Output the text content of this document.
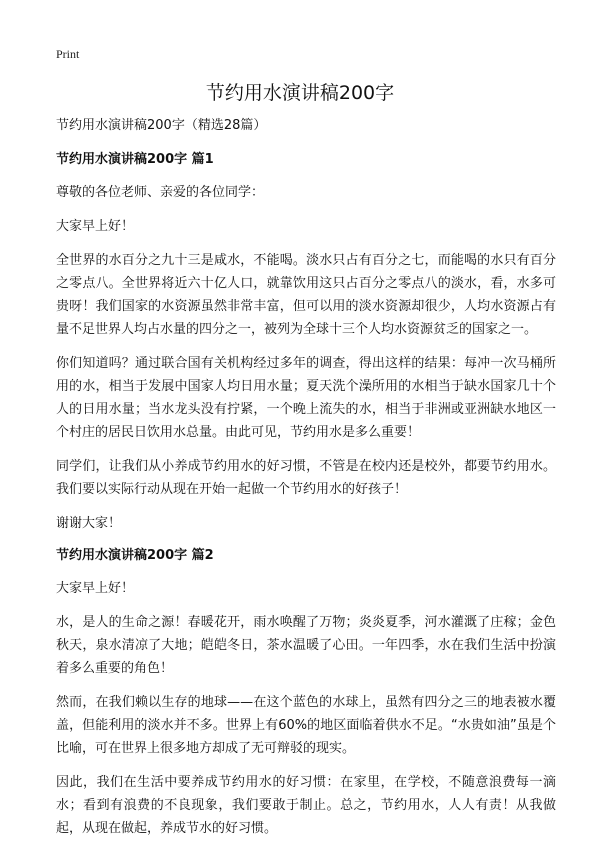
Print
节约用水演讲稿200字

节约用水演讲稿200字（精选28篇）

节约用水演讲稿200字 篇1

尊敬的各位老师、亲爱的各位同学：

大家早上好！

全世界的水百分之九十三是咸水，不能喝。淡水只占有百分之七，而能喝的水只有百分之零点八。全世界将近六十亿人口，就靠饮用这只占百分之零点八的淡水，看，水多可贵呀！我们国家的水资源虽然非常丰富，但可以用的淡水资源却很少，人均水资源占有量不足世界人均占水量的四分之一，被列为全球十三个人均水资源贫乏的国家之一。

你们知道吗？通过联合国有关机构经过多年的调查，得出这样的结果：每冲一次马桶所用的水，相当于发展中国家人均日用水量；夏天洗个澡所用的水相当于缺水国家几十个人的日用水量；当水龙头没有拧紧，一个晚上流失的水，相当于非洲或亚洲缺水地区一个村庄的居民日饮用水总量。由此可见，节约用水是多么重要！

同学们，让我们从小养成节约用水的好习惯，不管是在校内还是校外，都要节约用水。我们要以实际行动从现在开始一起做一个节约用水的好孩子！

谢谢大家！

节约用水演讲稿200字 篇2

大家早上好！

水，是人的生命之源！春暖花开，雨水唤醒了万物；炎炎夏季，河水灌溉了庄稼；金色秋天，泉水清凉了大地；皑皑冬日，茶水温暖了心田。一年四季，水在我们生活中扮演着多么重要的角色！

然而，在我们赖以生存的地球——在这个蓝色的水球上，虽然有四分之三的地表被水覆盖，但能利用的淡水并不多。世界上有60%的地区面临着供水不足。“水贵如油”虽是个比喻，可在世界上很多地方却成了无可辩驳的现实。

因此，我们在生活中要养成节约用水的好习惯：在家里，在学校，不随意浪费每一滴水；看到有浪费的不良现象，我们要敢于制止。总之，节约用水，人人有责！从我做起，从现在做起，养成节水的好习惯。
